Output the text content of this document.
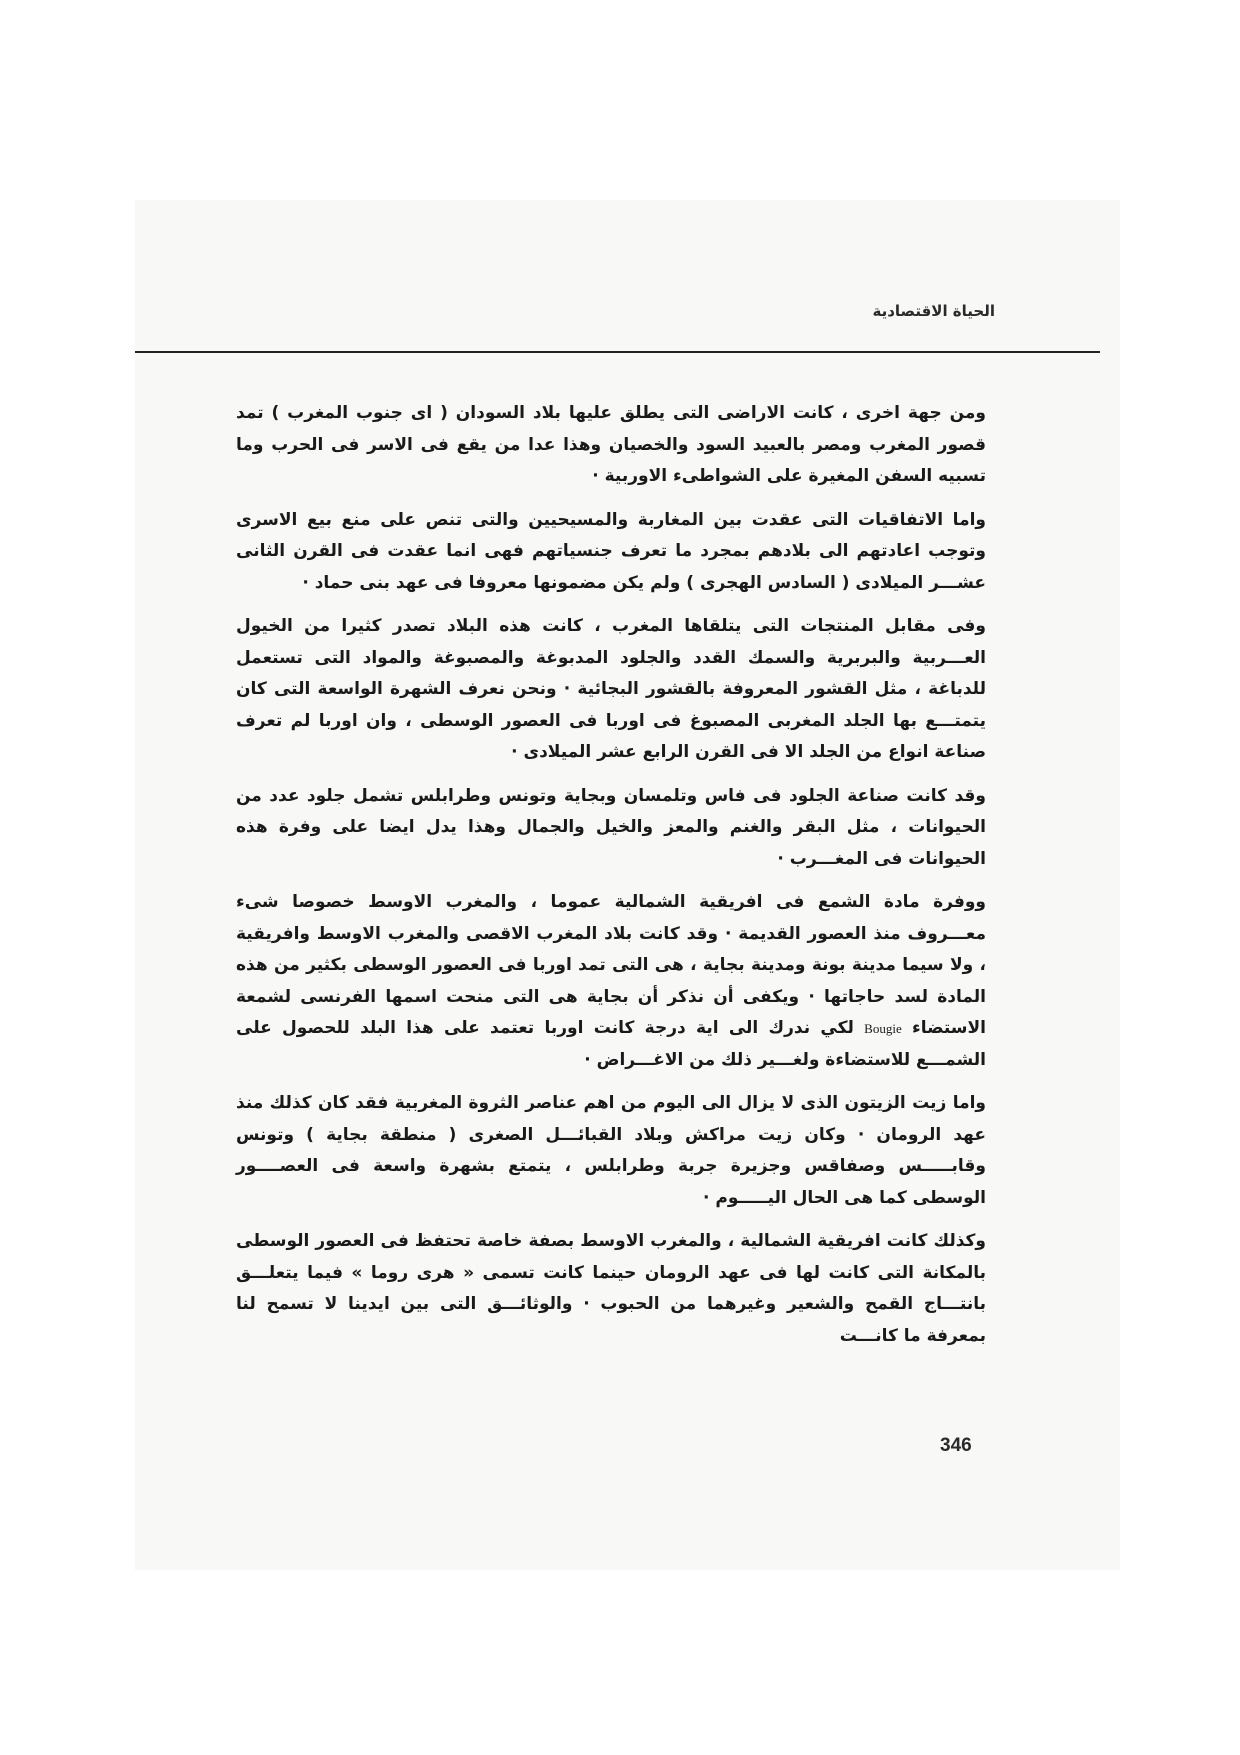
الحياة الاقتصادية

ومن جهة اخرى ، كانت الاراضى التى يطلق عليها بلاد السودان ( اى جنوب المغرب ) تمد قصور المغرب ومصر بالعبيد السود والخصيان وهذا عدا من يقع فى الاسر فى الحرب وما تسبيه السفن المغيرة على الشواطىء الاوربية ·

واما الاتفاقيات التى عقدت بين المغاربة والمسيحيين والتى تنص على منع بيع الاسرى وتوجب اعادتهم الى بلادهم بمجرد ما تعرف جنسياتهم فهى انما عقدت فى القرن الثانى عشـــر الميلادى ( السادس الهجرى ) ولم يكن مضمونها معروفا فى عهد بنى حماد ·

وفى مقابل المنتجات التى يتلقاها المغرب ، كانت هذه البلاد تصدر كثيرا من الخيول العـــربية والبربرية والسمك القدد والجلود المدبوغة والمصبوغة والمواد التى تستعمل للدباغة ، مثل القشور المعروفة بالقشور البجائية · ونحن نعرف الشهرة الواسعة التى كان يتمتـــع بها الجلد المغربى المصبوغ فى اوربا فى العصور الوسطى ، وان اوربا لم تعرف صناعة انواع من الجلد الا فى القرن الرابع عشر الميلادى ·

وقد كانت صناعة الجلود فى فاس وتلمسان وبجاية وتونس وطرابلس تشمل جلود عدد من الحيوانات ، مثل البقر والغنم والمعز والخيل والجمال وهذا يدل ايضا على وفرة هذه الحيوانات فى المغـــرب ·

ووفرة مادة الشمع فى افريقية الشمالية عموما ، والمغرب الاوسط خصوصا شىء معـــروف منذ العصور القديمة · وقد كانت بلاد المغرب الاقصى والمغرب الاوسط وافريقية ، ولا سيما مدينة بونة ومدينة بجاية ، هى التى تمد اوربا فى العصور الوسطى بكثير من هذه المادة لسد حاجاتها · ويكفى أن نذكر أن بجاية هى التى منحت اسمها الفرنسى لشمعة الاستضاء Bougie لكي ندرك الى اية درجة كانت اوربا تعتمد على هذا البلد للحصول على الشمـــع للاستضاءة ولغـــير ذلك من الاغـــراض ·

واما زيت الزيتون الذى لا يزال الى اليوم من اهم عناصر الثروة المغربية فقد كان كذلك منذ عهد الرومان · وكان زيت مراكش وبلاد القبائـــل الصغرى ( منطقة بجاية ) وتونس وقابـــــس وصفاقس وجزيرة جربة وطرابلس ، يتمتع بشهرة واسعة فى العصــــور الوسطى كما هى الحال اليـــــوم ·

وكذلك كانت افريقية الشمالية ، والمغرب الاوسط بصفة خاصة تحتفظ فى العصور الوسطى بالمكانة التى كانت لها فى عهد الرومان حينما كانت تسمى « هرى روما » فيما يتعلـــق بانتـــاج القمح والشعير وغيرهما من الحبوب · والوثائـــق التى بين ايدينا لا تسمح لنا بمعرفة ما كانـــت

346
